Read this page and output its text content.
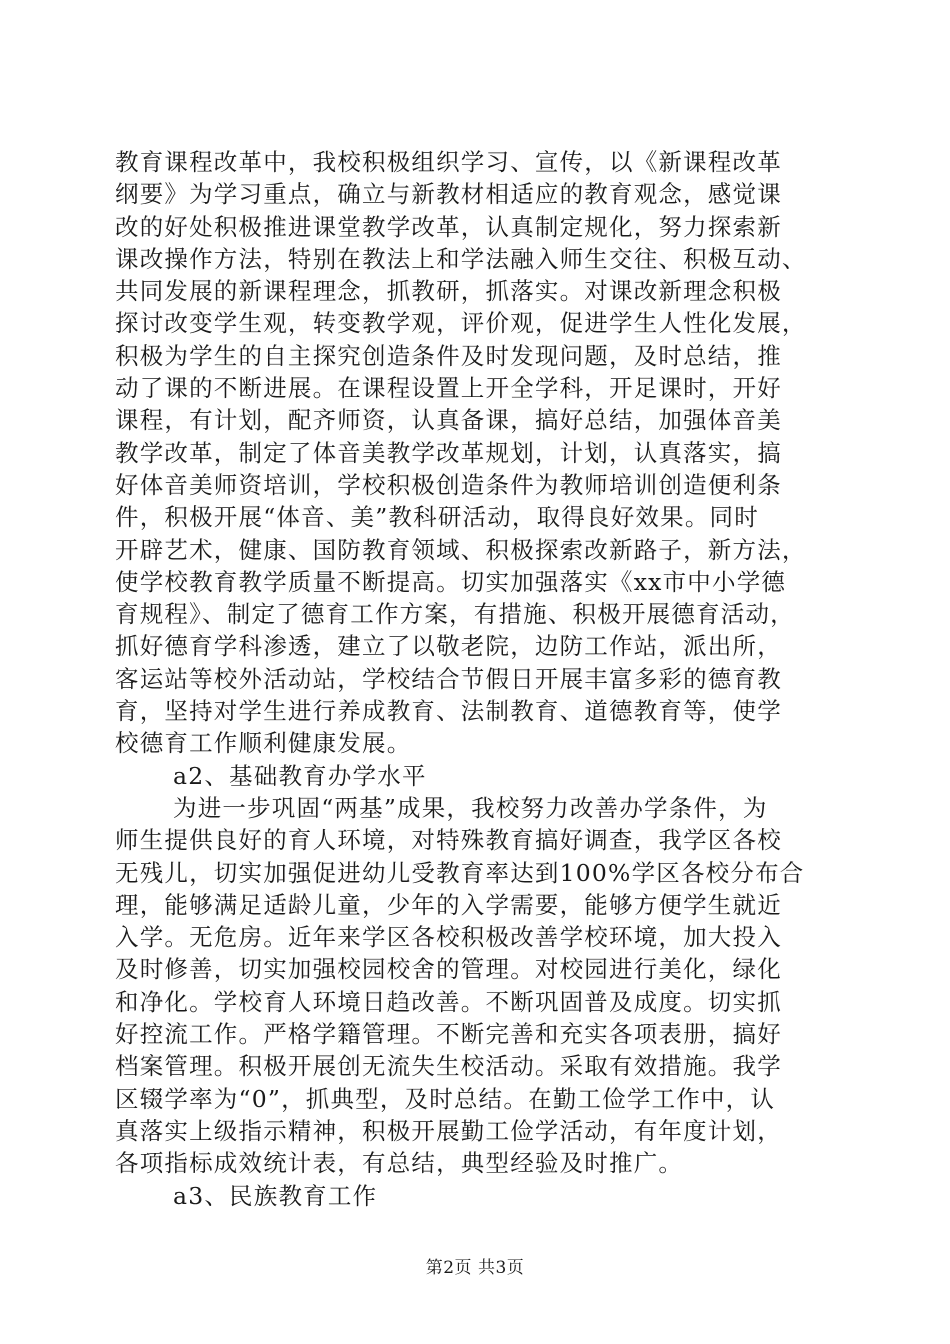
教育课程改革中，我校积极组织学习、宣传，以《新课程改革
纲要》为学习重点，确立与新教材相适应的教育观念，感觉课
改的好处积极推进课堂教学改革，认真制定规化，努力探索新
课改操作方法，特别在教法上和学法融入师生交往、积极互动、
共同发展的新课程理念，抓教研，抓落实。对课改新理念积极
探讨改变学生观，转变教学观，评价观，促进学生人性化发展，
积极为学生的自主探究创造条件及时发现问题，及时总结，推
动了课的不断进展。在课程设置上开全学科，开足课时，开好
课程，有计划，配齐师资，认真备课，搞好总结，加强体音美
教学改革，制定了体音美教学改革规划，计划，认真落实，搞
好体音美师资培训，学校积极创造条件为教师培训创造便利条
件，积极开展“体音、美”教科研活动，取得良好效果。同时
开辟艺术，健康、国防教育领域、积极探索改新路子，新方法，
使学校教育教学质量不断提高。切实加强落实《xx市中小学德
育规程》、制定了德育工作方案，有措施、积极开展德育活动，
抓好德育学科渗透，建立了以敬老院，边防工作站，派出所，
客运站等校外活动站，学校结合节假日开展丰富多彩的德育教
育，坚持对学生进行养成教育、法制教育、道德教育等，使学
校德育工作顺利健康发展。
a2、基础教育办学水平
为进一步巩固“两基”成果，我校努力改善办学条件，为
师生提供良好的育人环境，对特殊教育搞好调查，我学区各校
无残儿，切实加强促进幼儿受教育率达到100%学区各校分布合
理，能够满足适龄儿童，少年的入学需要，能够方便学生就近
入学。无危房。近年来学区各校积极改善学校环境，加大投入
及时修善，切实加强校园校舍的管理。对校园进行美化，绿化
和净化。学校育人环境日趋改善。不断巩固普及成度。切实抓
好控流工作。严格学籍管理。不断完善和充实各项表册，搞好
档案管理。积极开展创无流失生校活动。采取有效措施。我学
区辍学率为“0”，抓典型，及时总结。在勤工俭学工作中，认
真落实上级指示精神，积极开展勤工俭学活动，有年度计划，
各项指标成效统计表，有总结，典型经验及时推广。
a3、民族教育工作
第2页 共3页
